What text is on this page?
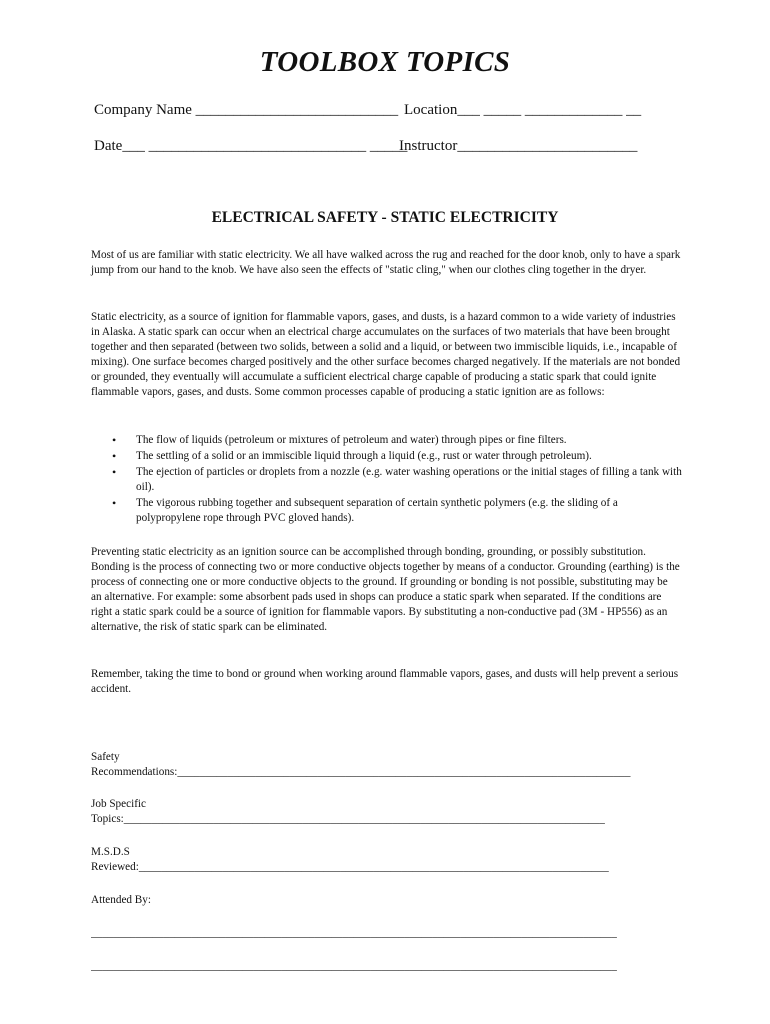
TOOLBOX TOPICS
Company Name ___________________________ Location___ _____ _____________ __
Date___ _____________________________ _____
Instructor________________________
ELECTRICAL SAFETY - STATIC ELECTRICITY
Most of us are familiar with static electricity. We all have walked across the rug and reached for the door knob, only to have a spark jump from our hand to the knob. We have also seen the effects of "static cling," when our clothes cling together in the dryer.
Static electricity, as a source of ignition for flammable vapors, gases, and dusts, is a hazard common to a wide variety of industries in Alaska. A static spark can occur when an electrical charge accumulates on the surfaces of two materials that have been brought together and then separated (between two solids, between a solid and a liquid, or between two immiscible liquids, i.e., incapable of mixing). One surface becomes charged positively and the other surface becomes charged negatively. If the materials are not bonded or grounded, they eventually will accumulate a sufficient electrical charge capable of producing a static spark that could ignite flammable vapors, gases, and dusts. Some common processes capable of producing a static ignition are as follows:
• The flow of liquids (petroleum or mixtures of petroleum and water) through pipes or fine filters.
• The settling of a solid or an immiscible liquid through a liquid (e.g., rust or water through petroleum).
• The ejection of particles or droplets from a nozzle (e.g. water washing operations or the initial stages of filling a tank with oil).
• The vigorous rubbing together and subsequent separation of certain synthetic polymers (e.g. the sliding of a polypropylene rope through PVC gloved hands).
Preventing static electricity as an ignition source can be accomplished through bonding, grounding, or possibly substitution. Bonding is the process of connecting two or more conductive objects together by means of a conductor. Grounding (earthing) is the process of connecting one or more conductive objects to the ground. If grounding or bonding is not possible, substituting may be an alternative. For example: some absorbent pads used in shops can produce a static spark when separated. If the conditions are right a static spark could be a source of ignition for flammable vapors. By substituting a non-conductive pad (3M - HP556) as an alternative, the risk of static spark can be eliminated.
Remember, taking the time to bond or ground when working around flammable vapors, gases, and dusts will help prevent a serious accident.
Safety
Recommendations:_________________________________________________________________________________
Job Specific
Topics:______________________________________________________________________________________
M.S.D.S
Reviewed:____________________________________________________________________________________
Attended By:
______________________________________________________________________________________________
______________________________________________________________________________________________
